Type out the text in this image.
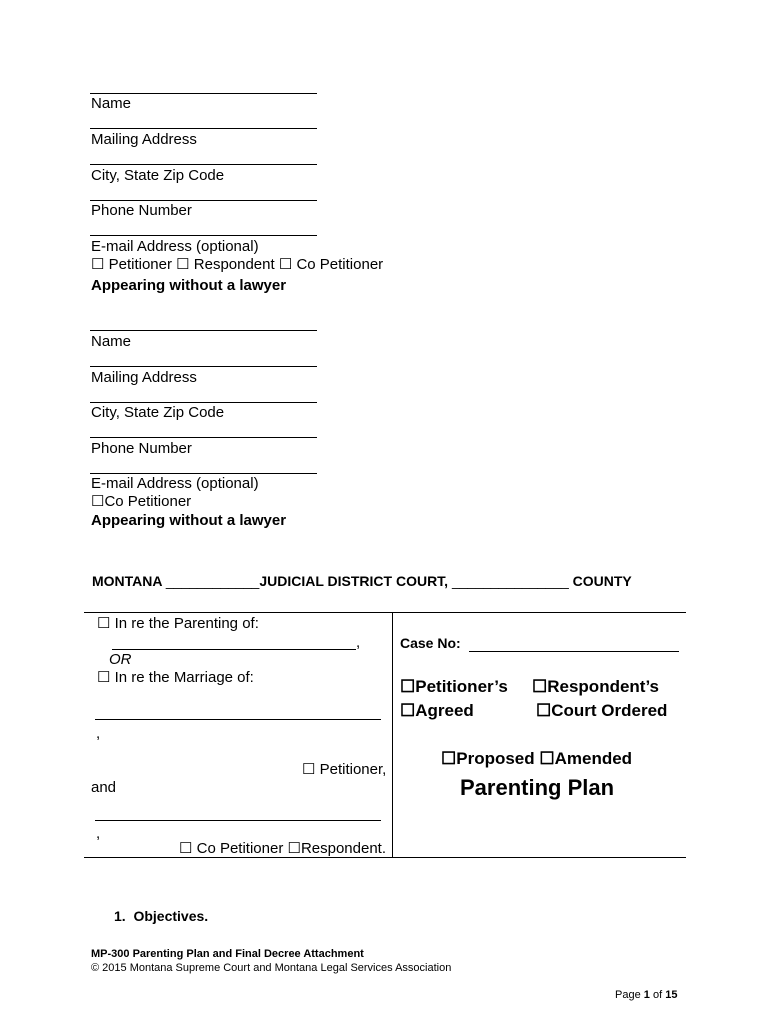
Name
Mailing Address
City, State Zip Code
Phone Number
E-mail Address (optional)
☐ Petitioner ☐ Respondent ☐ Co Petitioner
Appearing without a lawyer
Name
Mailing Address
City, State Zip Code
Phone Number
E-mail Address (optional)
☐Co Petitioner
Appearing without a lawyer
MONTANA ____________JUDICIAL DISTRICT COURT, _______________ COUNTY
☐ In re the Parenting of:
,
OR
☐ In re the Marriage of:
,
☐ Petitioner,
and
,
☐ Co Petitioner ☐Respondent.
Case No:
☐Petitioner’s ☐Respondent’s
☐Agreed	☐Court Ordered
☐Proposed ☐Amended
Parenting Plan
1. Objectives.
MP-300 Parenting Plan and Final Decree Attachment
© 2015 Montana Supreme Court and Montana Legal Services Association
Page 1 of 15
